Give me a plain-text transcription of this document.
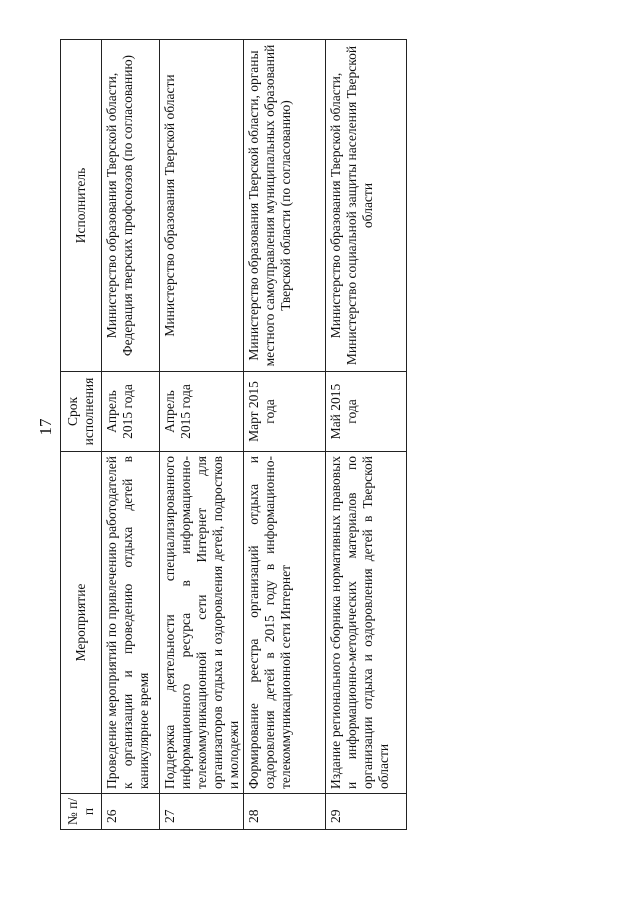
17
№ п/п	Мероприятие	Срок исполнения	Исполнитель
26	Проведение мероприятий по привлечению работодателей к организации и проведению отдыха детей в каникулярное время	Апрель 2015 года	Министерство образования Тверской области, Федерация тверских профсоюзов (по согласованию)
27	Поддержка деятельности специализированного информационного ресурса в информационно-телекоммуникационной сети Интернет для организаторов отдыха и оздоровления детей, подростков и молодежи	Апрель 2015 года	Министерство образования Тверской области
28	Формирование реестра организаций отдыха и оздоровления детей в 2015 году в информационно-телекоммуникационной сети Интернет	Март 2015 года	Министерство образования Тверской области, органы местного самоуправления муниципальных образований Тверской области (по согласованию)
29	Издание регионального сборника нормативных правовых и информационно-методических материалов по организации отдыха и оздоровления детей в Тверской области	Май 2015 года	Министерство образования Тверской области, Министерство социальной защиты населения Тверской области
